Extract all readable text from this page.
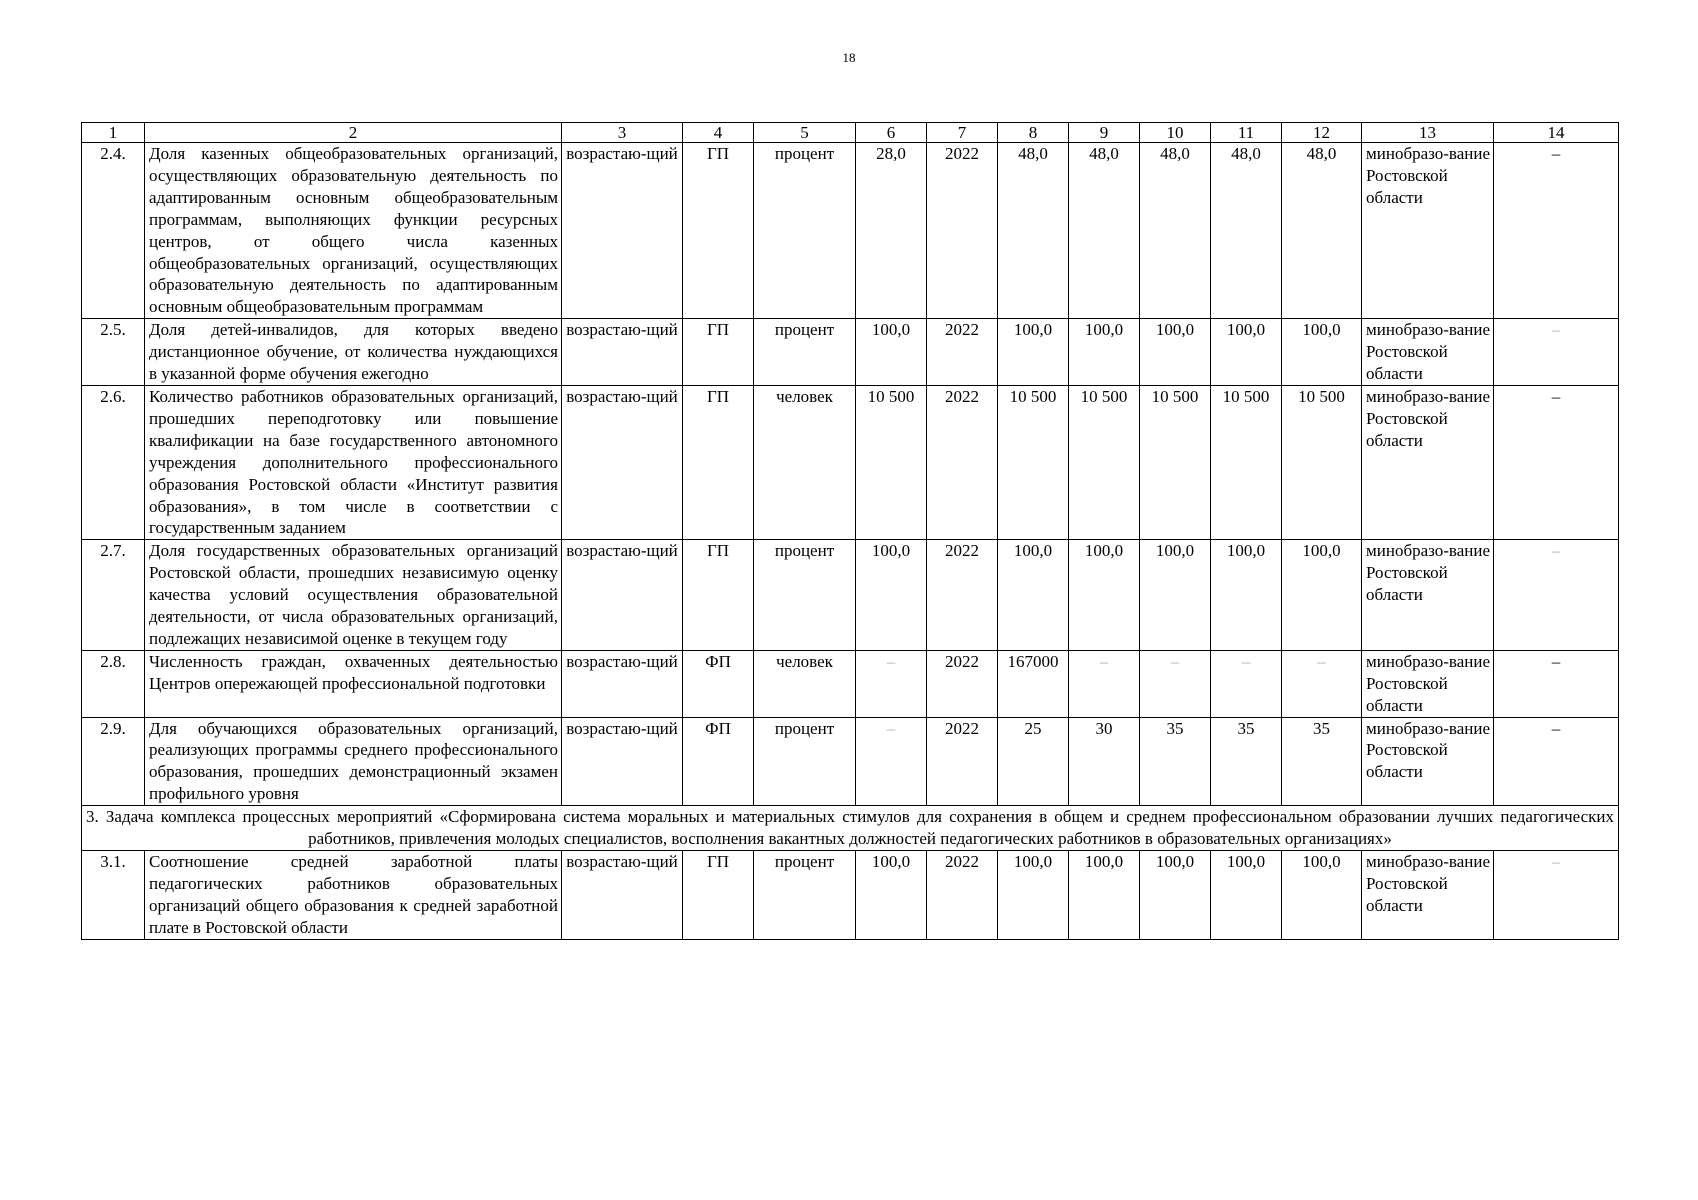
18
1	2	3	4	5	6	7	8	9	10	11	12	13	14
2.4.	Доля казенных общеобразовательных организаций, осуществляющих образовательную деятельность по адаптированным основным общеобразовательным программам, выполняющих функции ресурсных центров, от общего числа казенных общеобразовательных организаций, осуществляющих образовательную деятельность по адаптированным основным общеобразовательным программам	возрастаю-щий	ГП	процент	28,0	2022	48,0	48,0	48,0	48,0	48,0	минобразо-вание Ростовской области	–
2.5.	Доля детей-инвалидов, для которых введено дистанционное обучение, от количества нуждающихся в указанной форме обучения ежегодно	возрастаю-щий	ГП	процент	100,0	2022	100,0	100,0	100,0	100,0	100,0	минобразо-вание Ростовской области	–
2.6.	Количество работников образовательных организаций, прошедших переподготовку или повышение квалификации на базе государственного автономного учреждения дополнительного профессионального образования Ростовской области «Институт развития образования», в том числе в соответствии с государственным заданием	возрастаю-щий	ГП	человек	10 500	2022	10 500	10 500	10 500	10 500	10 500	минобразо-вание Ростовской области	–
2.7.	Доля государственных образовательных организаций Ростовской области, прошедших независимую оценку качества условий осуществления образовательной деятельности, от числа образовательных организаций, подлежащих независимой оценке в текущем году	возрастаю-щий	ГП	процент	100,0	2022	100,0	100,0	100,0	100,0	100,0	минобразо-вание Ростовской области	–
2.8.	Численность граждан, охваченных деятельностью Центров опережающей профессиональной подготовки	возрастаю-щий	ФП	человек	–	2022	167000	–	–	–	–	минобразо-вание Ростовской области	–
2.9.	Для обучающихся образовательных организаций, реализующих программы среднего профессионального образования, прошедших демонстрационный экзамен профильного уровня	возрастаю-щий	ФП	процент	–	2022	25	30	35	35	35	минобразо-вание Ростовской области	–
3. Задача комплекса процессных мероприятий «Сформирована система моральных и материальных стимулов для сохранения в общем и среднем профессиональном образовании лучших педагогических работников, привлечения молодых специалистов, восполнения вакантных должностей педагогических работников в образовательных организациях»													
3.1.	Соотношение средней заработной платы педагогических работников образовательных организаций общего образования к средней заработной плате в Ростовской области	возрастаю-щий	ГП	процент	100,0	2022	100,0	100,0	100,0	100,0	100,0	минобразо-вание Ростовской области	–
